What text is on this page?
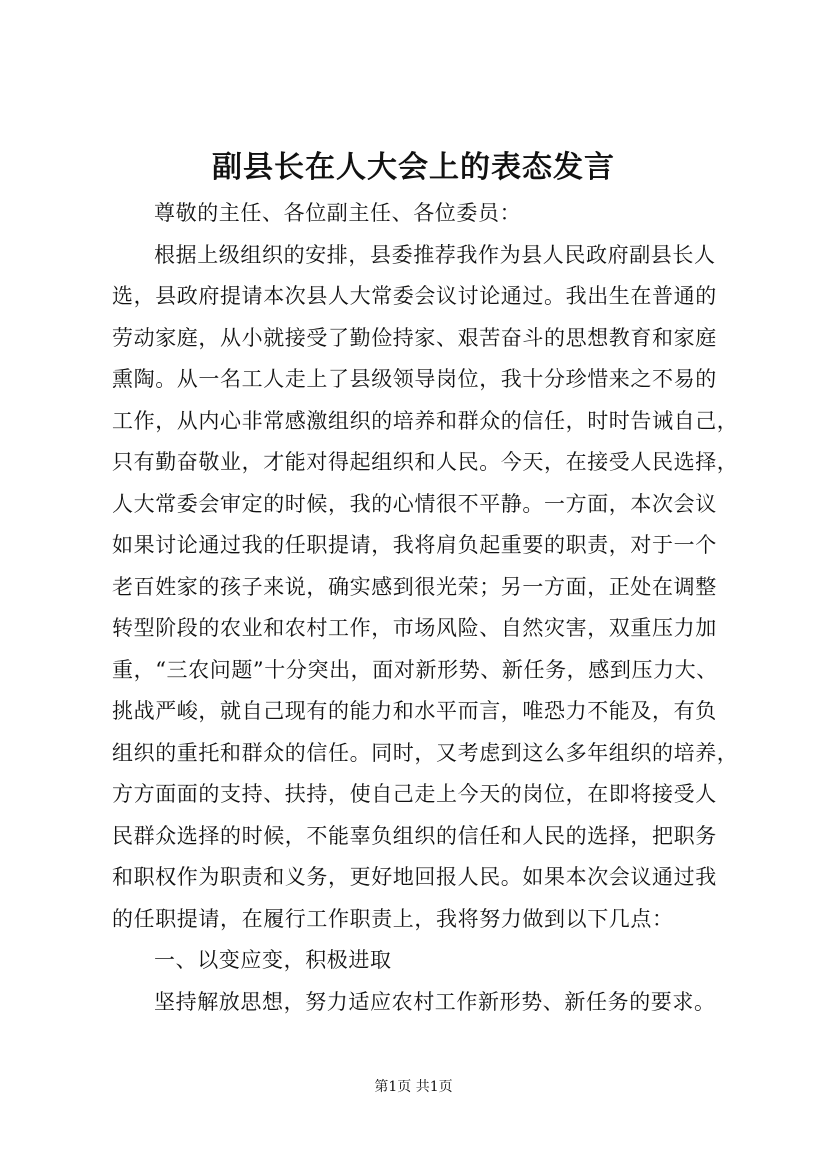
副县长在人大会上的表态发言
尊敬的主任、各位副主任、各位委员：
根据上级组织的安排，县委推荐我作为县人民政府副县长人
选，县政府提请本次县人大常委会议讨论通过。我出生在普通的
劳动家庭，从小就接受了勤俭持家、艰苦奋斗的思想教育和家庭
熏陶。从一名工人走上了县级领导岗位，我十分珍惜来之不易的
工作，从内心非常感激组织的培养和群众的信任，时时告诫自己，
只有勤奋敬业，才能对得起组织和人民。今天，在接受人民选择，
人大常委会审定的时候，我的心情很不平静。一方面，本次会议
如果讨论通过我的任职提请，我将肩负起重要的职责，对于一个
老百姓家的孩子来说，确实感到很光荣；另一方面，正处在调整
转型阶段的农业和农村工作，市场风险、自然灾害，双重压力加
重，“三农问题”十分突出，面对新形势、新任务，感到压力大、
挑战严峻，就自己现有的能力和水平而言，唯恐力不能及，有负
组织的重托和群众的信任。同时，又考虑到这么多年组织的培养，
方方面面的支持、扶持，使自己走上今天的岗位，在即将接受人
民群众选择的时候，不能辜负组织的信任和人民的选择，把职务
和职权作为职责和义务，更好地回报人民。如果本次会议通过我
的任职提请，在履行工作职责上，我将努力做到以下几点：
一、以变应变，积极进取
坚持解放思想，努力适应农村工作新形势、新任务的要求。
第1页 共1页
